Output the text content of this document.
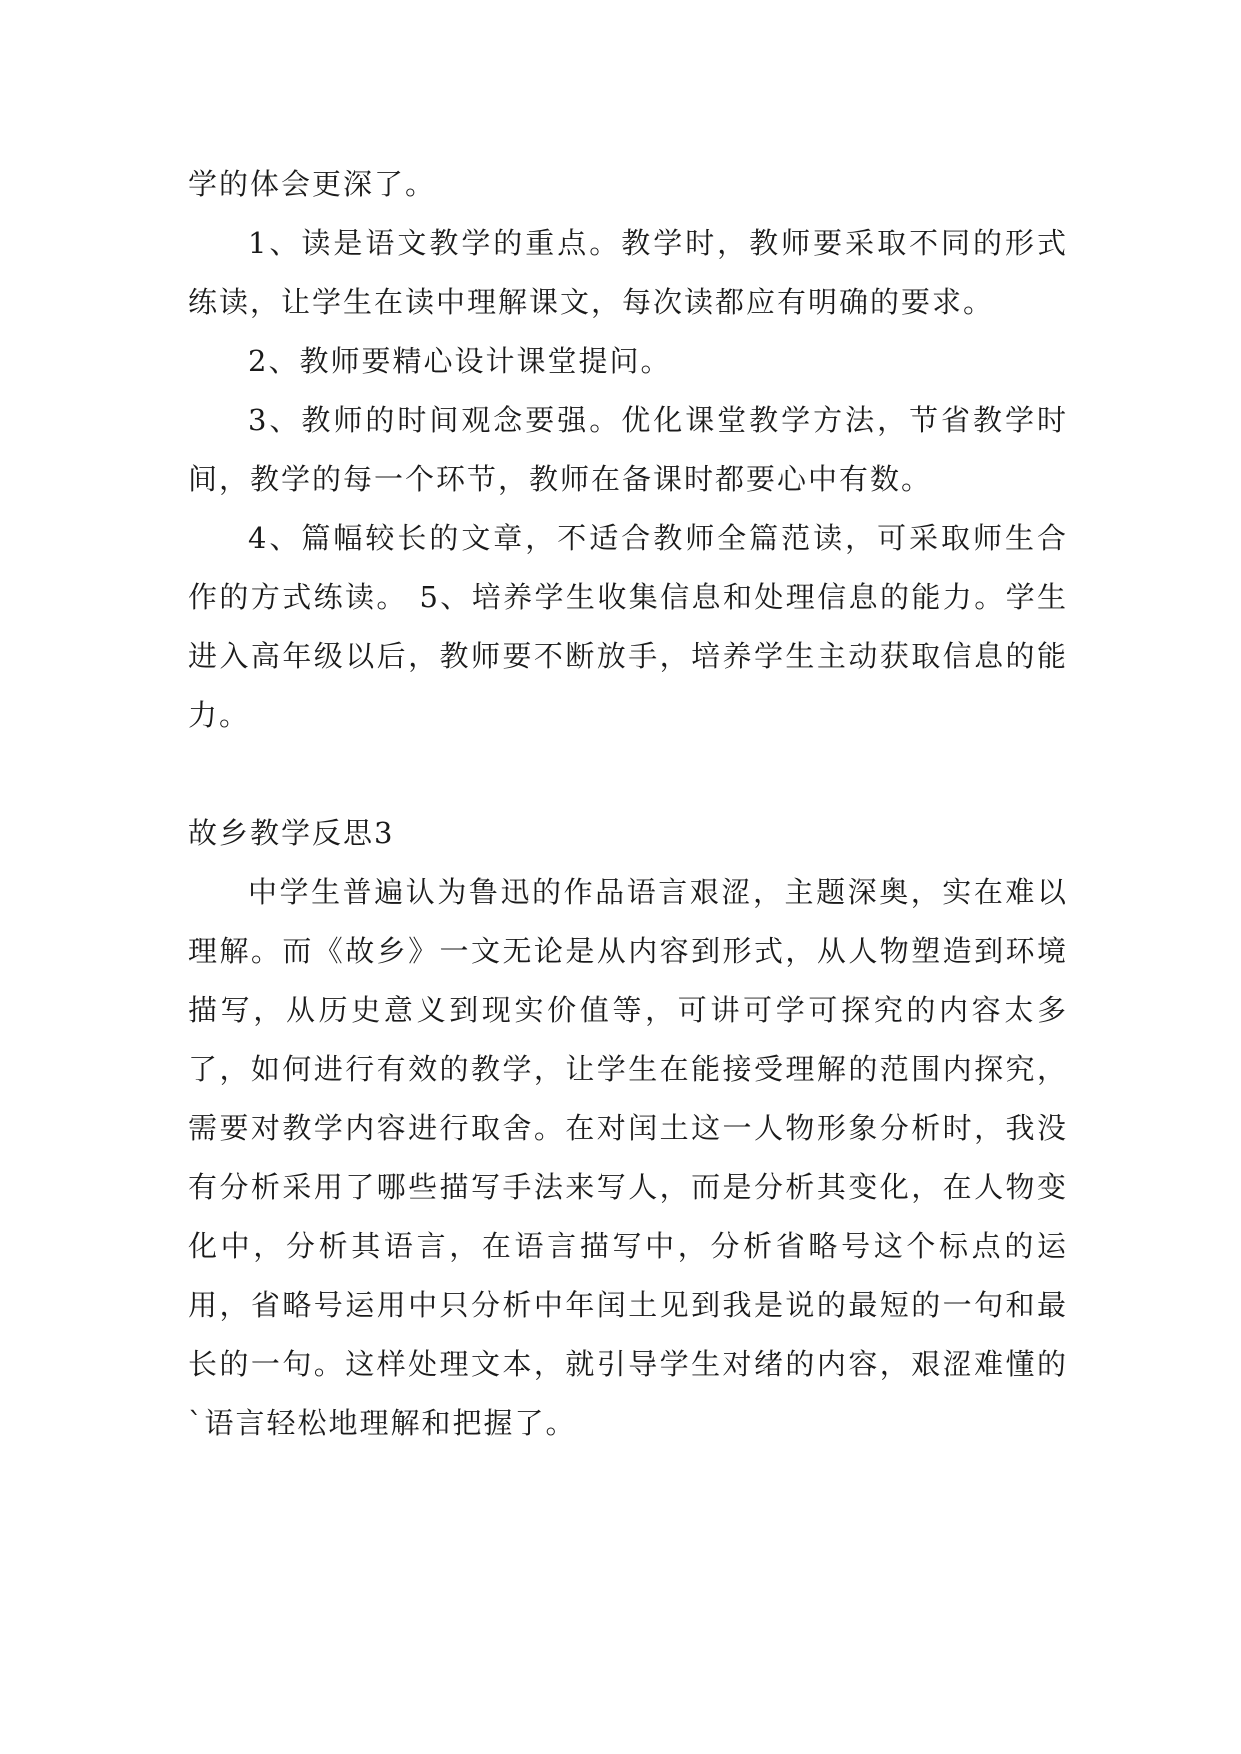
学的体会更深了。

1、读是语文教学的重点。教学时，教师要采取不同的形式练读，让学生在读中理解课文，每次读都应有明确的要求。

2、教师要精心设计课堂提问。

3、教师的时间观念要强。优化课堂教学方法，节省教学时间，教学的每一个环节，教师在备课时都要心中有数。

4、篇幅较长的文章，不适合教师全篇范读，可采取师生合作的方式练读。 5、培养学生收集信息和处理信息的能力。学生进入高年级以后，教师要不断放手，培养学生主动获取信息的能力。

故乡教学反思3

中学生普遍认为鲁迅的作品语言艰涩，主题深奥，实在难以理解。而《故乡》一文无论是从内容到形式，从人物塑造到环境描写，从历史意义到现实价值等，可讲可学可探究的内容太多了，如何进行有效的教学，让学生在能接受理解的范围内探究，需要对教学内容进行取舍。在对闰土这一人物形象分析时，我没有分析采用了哪些描写手法来写人，而是分析其变化，在人物变化中，分析其语言，在语言描写中，分析省略号这个标点的运用，省略号运用中只分析中年闰土见到我是说的最短的一句和最长的一句。这样处理文本，就引导学生对绪的内容，艰涩难懂的`语言轻松地理解和把握了。
